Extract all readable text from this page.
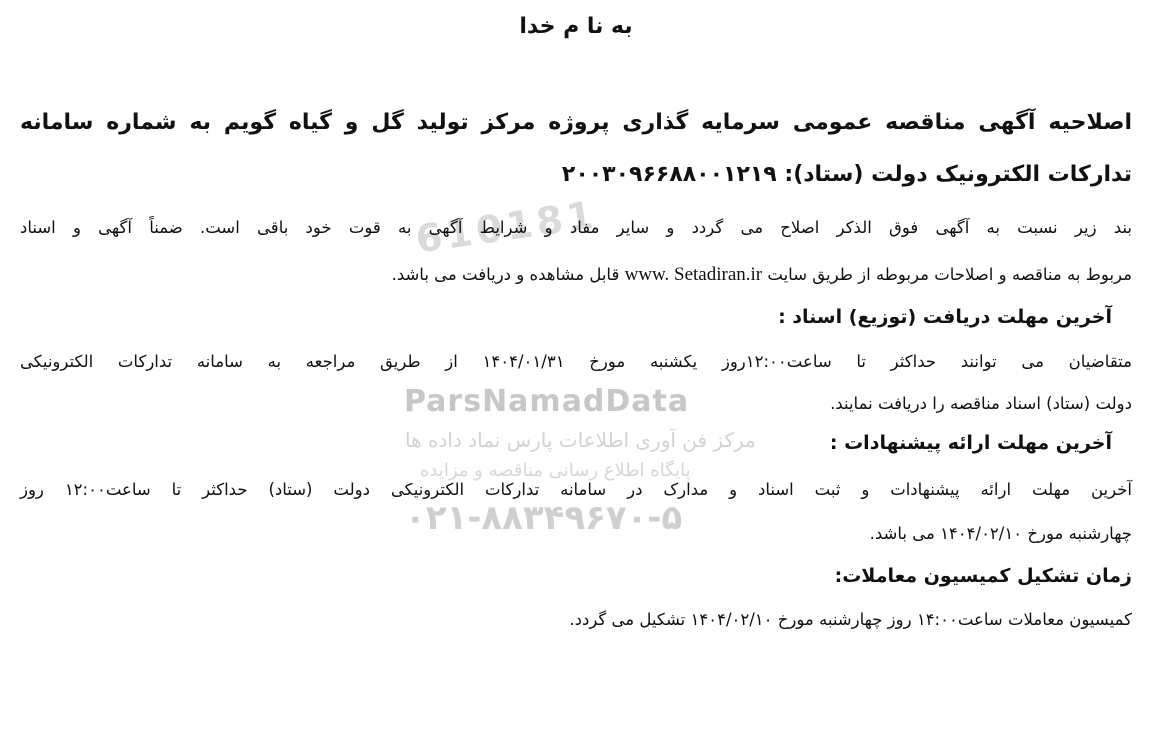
610181
ParsNamadData
مرکز فن آوری اطلاعات پارس نماد داده ها
پایگاه اطلاع رسانی مناقصه و مزایده
۰۲۱-۸۸۳۴۹۶۷۰-۵
به نا م خدا
اصلاحیه آگهی مناقصه عمومی سرمایه گذاری پروژه مرکز تولید گل و گیاه گویم به شماره سامانه
تدارکات الکترونیک دولت (ستاد): ۲۰۰۳۰۹۶۶۸۸۰۰۱۲۱۹
بند زیر نسبت به آگهی فوق الذکر اصلاح می گردد و سایر مفاد و شرایط آگهی به قوت خود باقی است. ضمناً آگهی و اسناد
مربوط به مناقصه و اصلاحات مربوطه از طریق سایت www. Setadiran.ir قابل مشاهده و دریافت می باشد.
آخرین مهلت دریافت (توزیع) اسناد :
متقاضیان می توانند حداکثر تا ساعت۱۲:۰۰روز یکشنبه مورخ ۱۴۰۴/۰۱/۳۱ از طریق مراجعه به سامانه تدارکات الکترونیکی
دولت (ستاد) اسناد مناقصه را دریافت نمایند.
آخرین مهلت ارائه پیشنهادات :
آخرین مهلت ارائه پیشنهادات و ثبت اسناد و مدارک در سامانه تدارکات الکترونیکی دولت (ستاد) حداکثر تا ساعت۱۲:۰۰ روز
چهارشنبه مورخ ۱۴۰۴/۰۲/۱۰ می باشد.
زمان تشکیل کمیسیون معاملات:
کمیسیون معاملات ساعت۱۴:۰۰ روز چهارشنبه مورخ ۱۴۰۴/۰۲/۱۰ تشکیل می گردد.
